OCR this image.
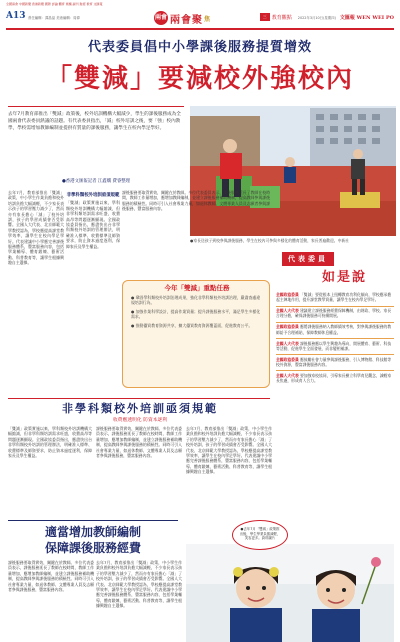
全國兩會 中國新聞 香港新聞 國際 評論 體育 娛樂 副刊 財經 教育 文匯報
A13 責任編輯：譚晶晶 美術編輯：周偉	兩會 兩會聚 焦	三	教育觀點 2022年3月10日(星期四) 文匯報 WEN WEI PO
代表委員倡中小學課後服務提質增效
「雙減」要減校外強校內

去年7月教育部推出「雙減」政策後，校外培訓機構大幅減少，學生的課後服務成為全國兩會代表委員熱議的話題。有代表委員指出，「減」校外培訓之後，要「強」校內教學，學校需增加教師編制並提供有質量的課後服務，讓學生在校內學足學好。

●香港文匯報記者 江鑫嫻 費睿整理
●家長送孩子到校參與課後服務，學生在校內可參與多樣化的體育活動，家長普遍歡迎。中新社
去年7月，教育部推出「雙減」政策，中小學生作業負擔和校外培訓負擔大幅減輕，不少家長表示孩子的學習壓力減少了，然而亦有家長擔心「減」了校外培訓，孩子的學習成績會否受影響。全國人大代表、北京師範大學教授認為，學校應提高課堂教學效率，讓學生在校內學足學好。代表建議中小學應完善課後服務體系，豐富服務內容，包括學業輔導、體育鍛煉、藝術活動、科普教育等，讓學生根據興趣自主選擇。
非學科類校外培訓亟須規範
「雙減」政策實施以來，學科類校外培訓機構大幅縮減，但非學科類培訓需求旺盛，收費高昂等問題逐漸顯現。全國政協委員指出，應盡快出台非學科類校外培訓的管理辦法，明確准入標準、收費標準及師資要求，防止資本過度逐利，保障家長及學生權益。
課後服務要取得實效，關鍵在於教師。多位代表委員表示，課後服務延長了教師在校時間，教師工作量增加，應增加教師編制，並建立課後服務補助機制，提高教師參與課後服務的積極性。同時可引入社會專業力量，如退休教師、文體專業人員及志願者參與課後服務，豐富服務內容。
今年「雙減」重點任務

● 鞏固學科類校外培訓治理成果，強化非學科類校外培訓治理，嚴肅查處違規培訓行為。

● 加強作業科學設計，提高作業質量；提升課後服務水平，滿足學生多樣化需求。

● 推動優質教育資源共享，擴大優質教育資源覆蓋面，促進教育公平。

代表委員
如是說
全國政協委員 「雙減」要從根本上扭轉教育功利化傾向，學校應承擔起主陣地作用，提升課堂教學質量，讓學生在校內學足學好。
全國人大代表 建議建立課後服務經費保障機制，由財政、學校、家長合理分擔，確保課後服務可持續開展。
全國政協委員 應將課後服務納入教師績效考核，對參與課後服務的教師給予合理補貼，保障教師休息權益。
全國人大代表 課後服務應以學生興趣為導向，開展體育、藝術、科技等活動，促進學生全面發展，而非變相補課。
全國政協委員 應鼓勵社會力量參與課後服務，引入博物館、科技館等校外資源，豐富課後服務內容。
全國人大代表 要加強家校協同，引導家長樹立科學育兒觀念，減輕家長焦慮，形成育人合力。
非學科類校外培訓亟須規範
收費應透明化 防資本逐利
「雙減」政策實施以來，學科類校外培訓機構大幅縮減，但非學科類培訓需求旺盛，收費高昂等問題逐漸顯現。全國政協委員指出，應盡快出台非學科類校外培訓的管理辦法，明確准入標準、收費標準及師資要求，防止資本過度逐利，保障家長及學生權益。
課後服務要取得實效，關鍵在於教師。多位代表委員表示，課後服務延長了教師在校時間，教師工作量增加，應增加教師編制，並建立課後服務補助機制，提高教師參與課後服務的積極性。同時可引入社會專業力量，如退休教師、文體專業人員及志願者參與課後服務，豐富服務內容。
去年7月，教育部推出「雙減」政策，中小學生作業負擔和校外培訓負擔大幅減輕，不少家長表示孩子的學習壓力減少了，然而亦有家長擔心「減」了校外培訓，孩子的學習成績會否受影響。全國人大代表、北京師範大學教授認為，學校應提高課堂教學效率，讓學生在校內學足學好。代表建議中小學應完善課後服務體系，豐富服務內容，包括學業輔導、體育鍛煉、藝術活動、科普教育等，讓學生根據興趣自主選擇。
適當增加教師編制
保障課後服務經費
課後服務要取得實效，關鍵在於教師。多位代表委員表示，課後服務延長了教師在校時間，教師工作量增加，應增加教師編制，並建立課後服務補助機制，提高教師參與課後服務的積極性。同時可引入社會專業力量，如退休教師、文體專業人員及志願者參與課後服務，豐富服務內容。
去年7月，教育部推出「雙減」政策，中小學生作業負擔和校外培訓負擔大幅減輕，不少家長表示孩子的學習壓力減少了，然而亦有家長擔心「減」了校外培訓，孩子的學習成績會否受影響。全國人大代表、北京師範大學教授認為，學校應提高課堂教學效率，讓學生在校內學足學好。代表建議中小學應完善課後服務體系，豐富服務內容，包括學業輔導、體育鍛煉、藝術活動、科普教育等，讓學生根據興趣自主選擇。
●去年7月「雙減」政策推出後，學生學業負擔減輕，笑容更多。資料圖片
